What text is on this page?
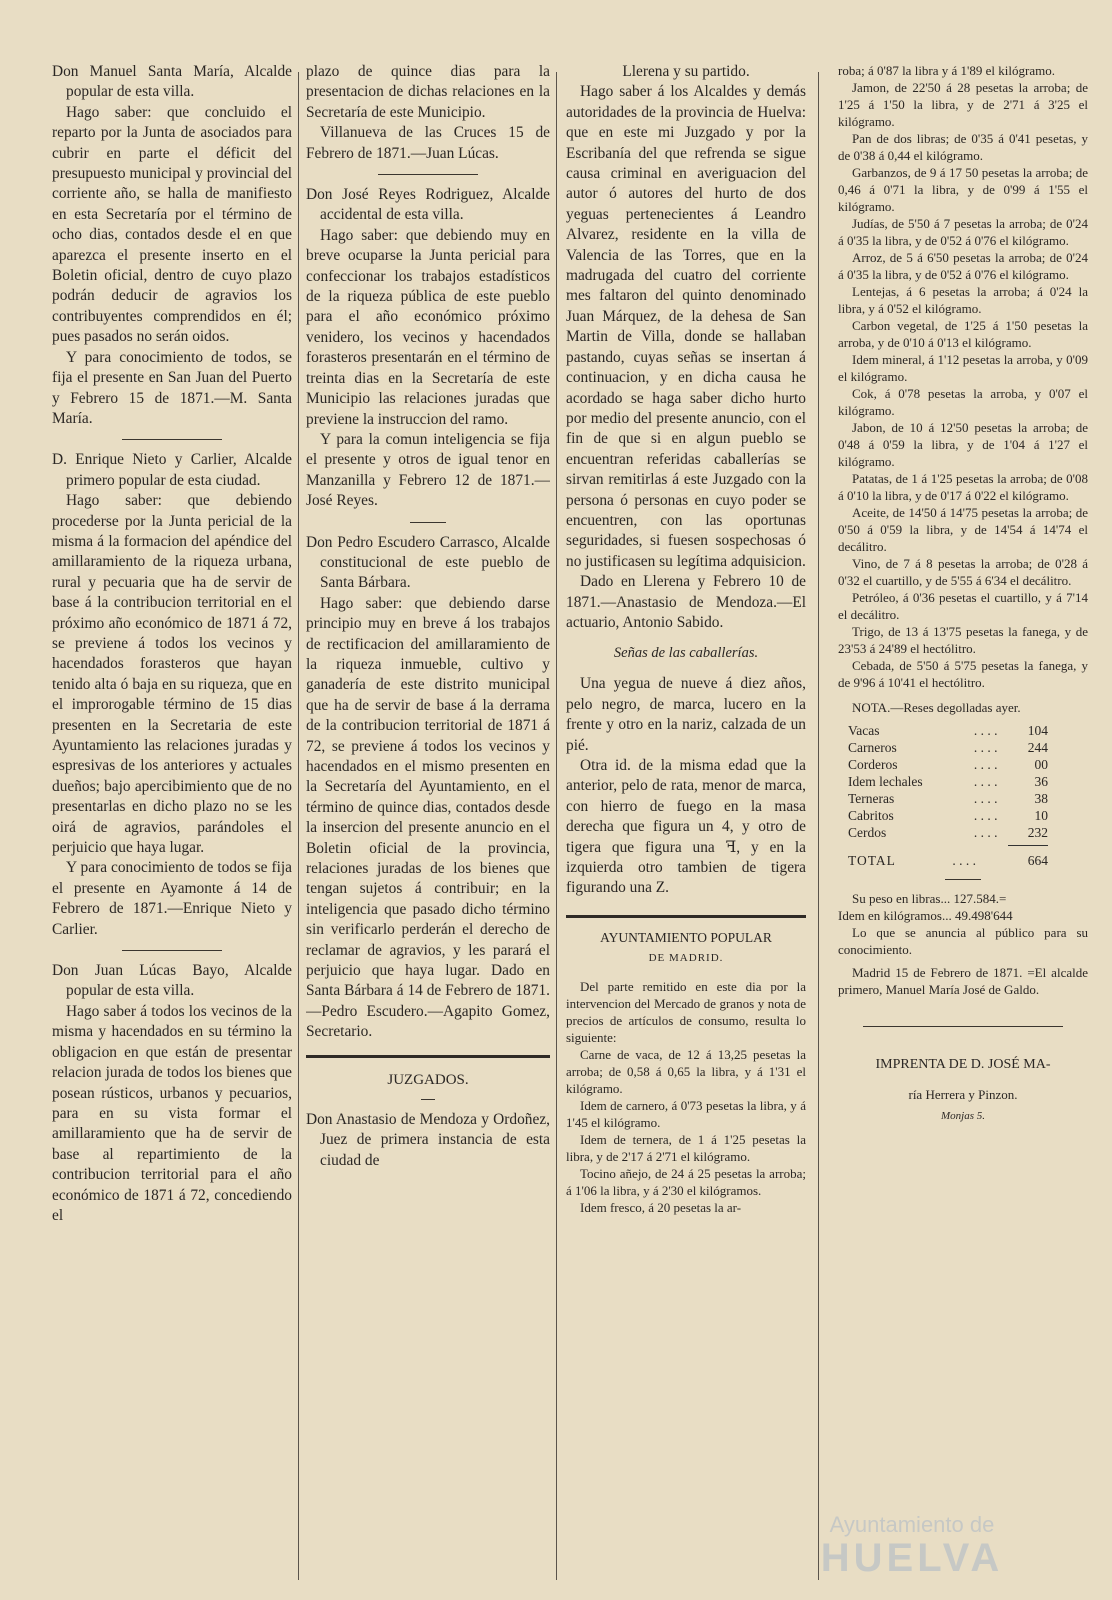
Don Manuel Santa María, Alcalde popular de esta villa.

Hago saber: que concluido el reparto por la Junta de asociados para cubrir en parte el déficit del presupuesto municipal y provincial del corriente año, se halla de manifiesto en esta Secretaría por el término de ocho dias, contados desde el en que aparezca el presente inserto en el Boletin oficial, dentro de cuyo plazo podrán deducir de agravios los contribuyentes comprendidos en él; pues pasados no serán oidos.

Y para conocimiento de todos, se fija el presente en San Juan del Puerto y Febrero 15 de 1871.—M. Santa María.

D. Enrique Nieto y Carlier, Alcalde primero popular de esta ciudad.

Hago saber: que debiendo procederse por la Junta pericial de la misma á la formacion del apéndice del amillaramiento de la riqueza urbana, rural y pecuaria que ha de servir de base á la contribucion territorial en el próximo año económico de 1871 á 72, se previene á todos los vecinos y hacendados forasteros que hayan tenido alta ó baja en su riqueza, que en el improrogable término de 15 dias presenten en la Secretaria de este Ayuntamiento las relaciones juradas y espresivas de los anteriores y actuales dueños; bajo apercibimiento que de no presentarlas en dicho plazo no se les oirá de agravios, parándoles el perjuicio que haya lugar.

Y para conocimiento de todos se fija el presente en Ayamonte á 14 de Febrero de 1871.—Enrique Nieto y Carlier.

Don Juan Lúcas Bayo, Alcalde popular de esta villa.

Hago saber á todos los vecinos de la misma y hacendados en su término la obligacion en que están de presentar relacion jurada de todos los bienes que posean rústicos, urbanos y pecuarios, para en su vista formar el amillaramiento que ha de servir de base al repartimiento de la contribucion territorial para el año económico de 1871 á 72, concediendo el

plazo de quince dias para la presentacion de dichas relaciones en la Secretaría de este Municipio.

Villanueva de las Cruces 15 de Febrero de 1871.—Juan Lúcas.

Don José Reyes Rodriguez, Alcalde accidental de esta villa.

Hago saber: que debiendo muy en breve ocuparse la Junta pericial para confeccionar los trabajos estadísticos de la riqueza pública de este pueblo para el año económico próximo venidero, los vecinos y hacendados forasteros presentarán en el término de treinta dias en la Secretaría de este Municipio las relaciones juradas que previene la instruccion del ramo.

Y para la comun inteligencia se fija el presente y otros de igual tenor en Manzanilla y Febrero 12 de 1871.—José Reyes.

Don Pedro Escudero Carrasco, Alcalde constitucional de este pueblo de Santa Bárbara.

Hago saber: que debiendo darse principio muy en breve á los trabajos de rectificacion del amillaramiento de la riqueza inmueble, cultivo y ganadería de este distrito municipal que ha de servir de base á la derrama de la contribucion territorial de 1871 á 72, se previene á todos los vecinos y hacendados en el mismo presenten en la Secretaría del Ayuntamiento, en el término de quince dias, contados desde la insercion del presente anuncio en el Boletin oficial de la provincia, relaciones juradas de los bienes que tengan sujetos á contribuir; en la inteligencia que pasado dicho término sin verificarlo perderán el derecho de reclamar de agravios, y les parará el perjuicio que haya lugar. Dado en Santa Bárbara á 14 de Febrero de 1871.—Pedro Escudero.—Agapito Gomez, Secretario.

JUZGADOS.

Don Anastasio de Mendoza y Ordoñez, Juez de primera instancia de esta ciudad de

Llerena y su partido.

Hago saber á los Alcaldes y demás autoridades de la provincia de Huelva: que en este mi Juzgado y por la Escribanía del que refrenda se sigue causa criminal en averiguacion del autor ó autores del hurto de dos yeguas pertenecientes á Leandro Alvarez, residente en la villa de Valencia de las Torres, que en la madrugada del cuatro del corriente mes faltaron del quinto denominado Juan Márquez, de la dehesa de San Martin de Villa, donde se hallaban pastando, cuyas señas se insertan á continuacion, y en dicha causa he acordado se haga saber dicho hurto por medio del presente anuncio, con el fin de que si en algun pueblo se encuentran referidas caballerías se sirvan remitirlas á este Juzgado con la persona ó personas en cuyo poder se encuentren, con las oportunas seguridades, si fuesen sospechosas ó no justificasen su legítima adquisicion.

Dado en Llerena y Febrero 10 de 1871.—Anastasio de Mendoza.—El actuario, Antonio Sabido.

Señas de las caballerías.

Una yegua de nueve á diez años, pelo negro, de marca, lucero en la frente y otro en la nariz, calzada de un pié.

Otra id. de la misma edad que la anterior, pelo de rata, menor de marca, con hierro de fuego en la masa derecha que figura un 4, y otro de tigera que figura una ꟻ, y en la izquierda otro tambien de tigera figurando una Z.

AYUNTAMIENTO POPULAR
DE MADRID.

Del parte remitido en este dia por la intervencion del Mercado de granos y nota de precios de artículos de consumo, resulta lo siguiente:

Carne de vaca, de 12 á 13,25 pesetas la arroba; de 0,58 á 0,65 la libra, y á 1'31 el kilógramo.

Idem de carnero, á 0'73 pesetas la libra, y á 1'45 el kilógramo.

Idem de ternera, de 1 á 1'25 pesetas la libra, y de 2'17 á 2'71 el kilógramo.

Tocino añejo, de 24 á 25 pesetas la arroba; á 1'06 la libra, y á 2'30 el kilógramos.

Idem fresco, á 20 pesetas la ar-

roba; á 0'87 la libra y á 1'89 el kilógramo.

Jamon, de 22'50 á 28 pesetas la arroba; de 1'25 á 1'50 la libra, y de 2'71 á 3'25 el kilógramo.

Pan de dos libras; de 0'35 á 0'41 pesetas, y de 0'38 á 0,44 el kilógramo.

Garbanzos, de 9 á 17 50 pesetas la arroba; de 0,46 á 0'71 la libra, y de 0'99 á 1'55 el kilógramo.

Judías, de 5'50 á 7 pesetas la arroba; de 0'24 á 0'35 la libra, y de 0'52 á 0'76 el kilógramo.

Arroz, de 5 á 6'50 pesetas la arroba; de 0'24 á 0'35 la libra, y de 0'52 á 0'76 el kilógramo.

Lentejas, á 6 pesetas la arroba; á 0'24 la libra, y á 0'52 el kilógramo.

Carbon vegetal, de 1'25 á 1'50 pesetas la arroba, y de 0'10 á 0'13 el kilógramo.

Idem mineral, á 1'12 pesetas la arroba, y 0'09 el kilógramo.

Cok, á 0'78 pesetas la arroba, y 0'07 el kilógramo.

Jabon, de 10 á 12'50 pesetas la arroba; de 0'48 á 0'59 la libra, y de 1'04 á 1'27 el kilógramo.

Patatas, de 1 á 1'25 pesetas la arroba; de 0'08 á 0'10 la libra, y de 0'17 á 0'22 el kilógramo.

Aceite, de 14'50 á 14'75 pesetas la arroba; de 0'50 á 0'59 la libra, y de 14'54 á 14'74 el decálitro.

Vino, de 7 á 8 pesetas la arroba; de 0'28 á 0'32 el cuartillo, y de 5'55 á 6'34 el decálitro.

Petróleo, á 0'36 pesetas el cuartillo, y á 7'14 el decálitro.

Trigo, de 13 á 13'75 pesetas la fanega, y de 23'53 á 24'89 el hectólitro.

Cebada, de 5'50 á 5'75 pesetas la fanega, y de 9'96 á 10'41 el hectólitro.

NOTA.—Reses degolladas ayer.

Vacas	. . . .	104
Carneros	. . . .	244
Corderos	. . . .	00
Idem lechales	. . . .	36
Terneras	. . . .	38
Cabritos	. . . .	10
Cerdos	. . . .	232
TOTAL	. . . .	664

Su peso en libras... 127.584.=

Idem en kilógramos... 49.498'644

Lo que se anuncia al público para su conocimiento.

Madrid 15 de Febrero de 1871. =El alcalde primero, Manuel María José de Galdo.

IMPRENTA DE D. JOSÉ MA-

ría Herrera y Pinzon.

Monjas 5.

Ayuntamiento de
HUELVA
